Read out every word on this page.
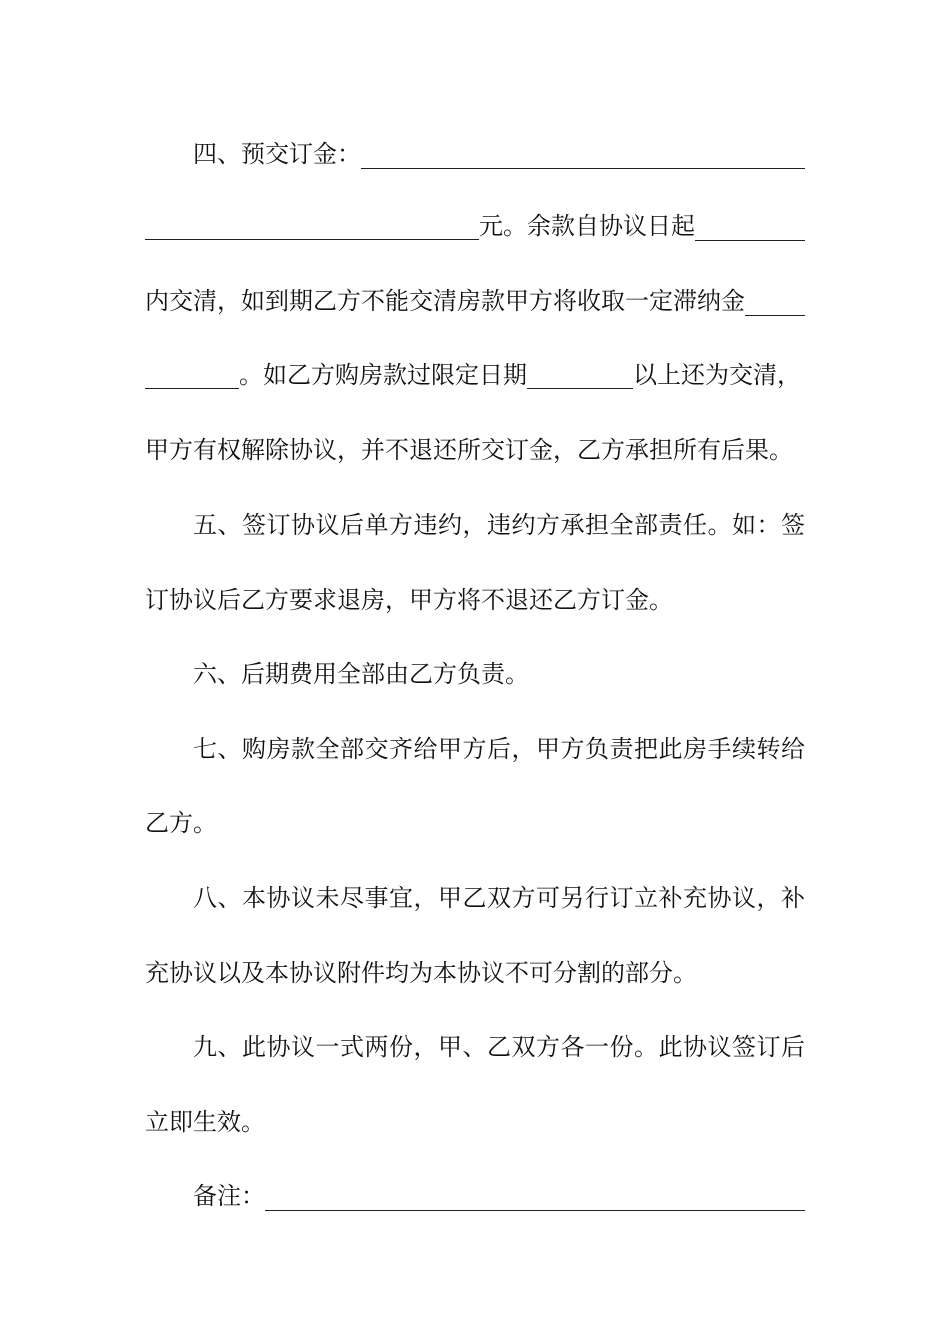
四、预交订金：
元。余款自协议日起
内交清，如到期乙方不能交清房款甲方将收取一定滞纳金
。如乙方购房款过限定日期	以上还为交清，
甲方有权解除协议，并不退还所交订金，乙方承担所有后果。
五、签订协议后单方违约，违约方承担全部责任。如：签
订协议后乙方要求退房，甲方将不退还乙方订金。
六、后期费用全部由乙方负责。
七、购房款全部交齐给甲方后，甲方负责把此房手续转给
乙方。
八、本协议未尽事宜，甲乙双方可另行订立补充协议，补
充协议以及本协议附件均为本协议不可分割的部分。
九、此协议一式两份，甲、乙双方各一份。此协议签订后
立即生效。
备注：
